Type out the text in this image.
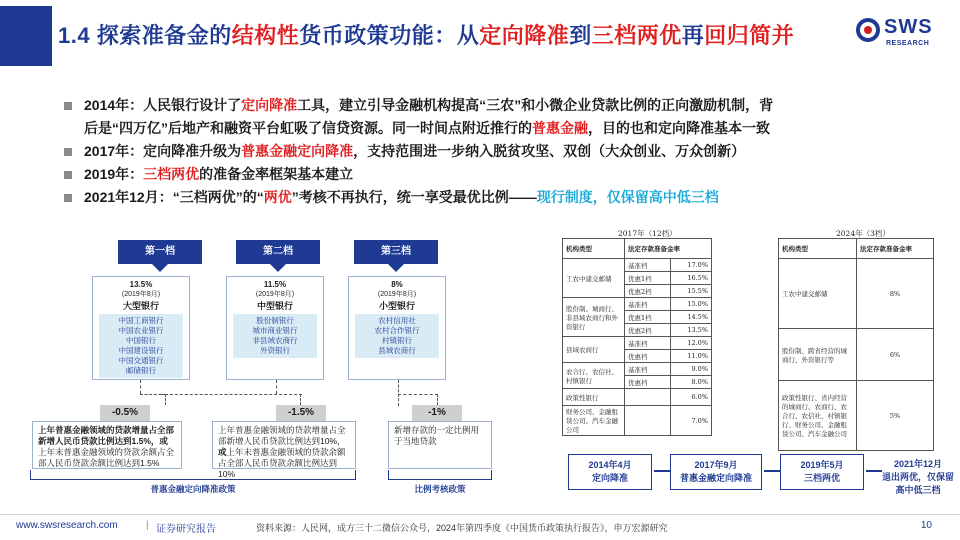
1.4 探索准备金的结构性货币政策功能：从定向降准到三档两优再回归简并	SWS
RESEARCH
2014年：人民银行设计了定向降准工具，建立引导金融机构提高“三农”和小微企业贷款比例的正向激励机制，背
后是“四万亿”后地产和融资平台虹吸了信贷资源。同一时间点附近推行的普惠金融，目的也和定向降准基本一致
2017年：定向降准升级为普惠金融定向降准，支持范围进一步纳入脱贫攻坚、双创（大众创业、万众创新）
2019年：三档两优的准备金率框架基本建立
2021年12月：“三档两优”的“两优”考核不再执行，统一享受最优比例——现行制度，仅保留高中低三档
第一档
13.5%
(2019年8月)
大型银行
中国工商银行
中国农业银行
中国银行
中国建设银行
中国交通银行
邮储银行
-0.5%
上年普惠金融领域的贷款增量占全部新增人民币贷款比例达到1.5%，或上年末普惠金融领域的贷款余额占全部人民币贷款余额比例达到1.5%
第二档
11.5%
(2019年8月)
中型银行
股份制银行
城市商业银行
非县域农商行
外资银行
-1.5%
上年普惠金融领域的贷款增量占全部新增人民币贷款比例达到10%，或上年末普惠金融领域的贷款余额占全部人民币贷款余额比例达到10%
第三档
8%
(2019年8月)
小型银行
农村信用社
农村合作银行
村镇银行
县域农商行
-1%
新增存款的一定比例用于当地贷款
普惠金融定向降准政策	比例考核政策
2017年（12档）
机构类型	法定存款准备金率	
工农中建交邮储	基准档	17.0%
	优惠1档	16.5%
	优惠2档	15.5%
股份制、城商行、非县域农商行和外资银行	基准档	15.0%
	优惠1档	14.5%
	优惠2档	13.5%
县域农商行	基准档	12.0%
	优惠档	11.0%
农合行、农信社、村镇银行	基准档	9.0%
	优惠档	8.0%
政策性银行		6.0%
财务公司、金融租赁公司、汽车金融公司		7.0%
2024年（3档）
机构类型	法定存款准备金率
工农中建交邮储	8%
股份制、跨省经营的城商行、外资银行等	6%
政策性银行、省内经营的城商行、农商行、农合行、农信社、村镇银行、财务公司、金融租赁公司、汽车金融公司	5%
2014年4月
定向降准
2017年9月
普惠金融定向降准
2019年5月
三档两优
2021年12月
退出两优，仅保留高中低三档
www.swsresearch.com	| 证券研究报告	资料来源：人民网，成方三十二微信公众号，2024年第四季度《中国货币政策执行报告》，申万宏源研究	10
